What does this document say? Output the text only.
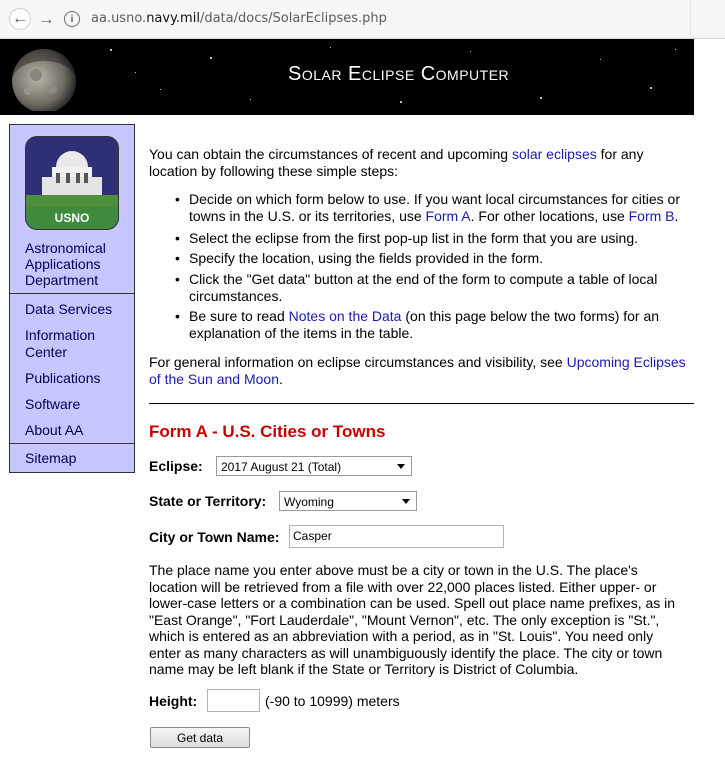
← →	i	aa.usno.navy.mil/data/docs/SolarEclipses.php
Solar Eclipse Computer
USNO
Astronomical
Applications
Department
Data Services
Information
Center
Publications
Software
About AA
Sitemap
You can obtain the circumstances of recent and upcoming solar eclipses for any
location by following these simple steps:
• Decide on which form below to use. If you want local circumstances for cities or
towns in the U.S. or its territories, use Form A. For other locations, use Form B.
• Select the eclipse from the first pop-up list in the form that you are using.
• Specify the location, using the fields provided in the form.
• Click the "Get data" button at the end of the form to compute a table of local
circumstances.
• Be sure to read Notes on the Data (on this page below the two forms) for an
explanation of the items in the table.
For general information on eclipse circumstances and visibility, see Upcoming Eclipses
of the Sun and Moon.
Form A - U.S. Cities or Towns
Eclipse:	2017 August 21 (Total)
State or Territory:	Wyoming
City or Town Name:	Casper
The place name you enter above must be a city or town in the U.S. The place's
location will be retrieved from a file with over 22,000 places listed. Either upper- or
lower-case letters or a combination can be used. Spell out place name prefixes, as in
"East Orange", "Fort Lauderdale", "Mount Vernon", etc. The only exception is "St.",
which is entered as an abbreviation with a period, as in "St. Louis". You need only
enter as many characters as will unambiguously identify the place. The city or town
name may be left blank if the State or Territory is District of Columbia.
Height:	(-90 to 10999) meters
Get data
